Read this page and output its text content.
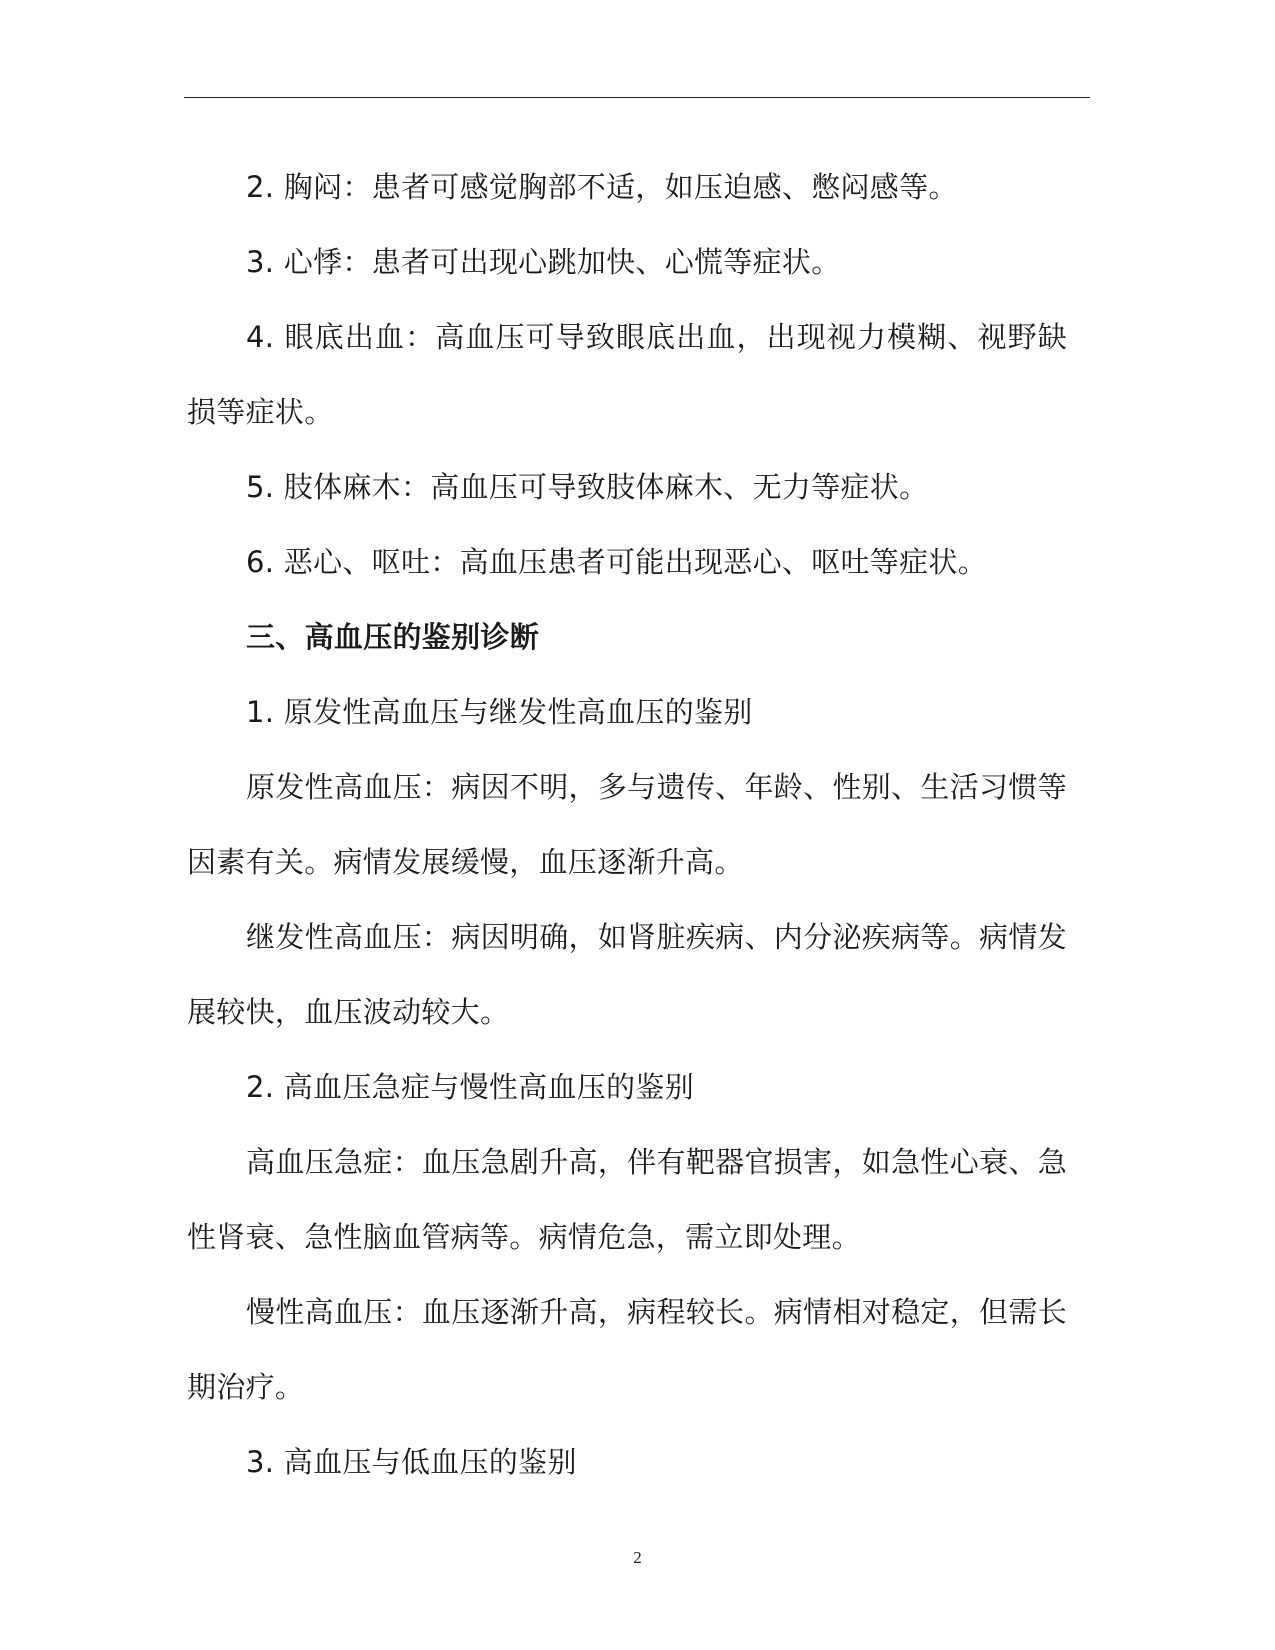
2. 胸闷：患者可感觉胸部不适，如压迫感、憋闷感等。

3. 心悸：患者可出现心跳加快、心慌等症状。

4. 眼底出血：高血压可导致眼底出血，出现视力模糊、视野缺损等症状。

5. 肢体麻木：高血压可导致肢体麻木、无力等症状。

6. 恶心、呕吐：高血压患者可能出现恶心、呕吐等症状。

三、高血压的鉴别诊断

1. 原发性高血压与继发性高血压的鉴别

原发性高血压：病因不明，多与遗传、年龄、性别、生活习惯等因素有关。病情发展缓慢，血压逐渐升高。

继发性高血压：病因明确，如肾脏疾病、内分泌疾病等。病情发展较快，血压波动较大。

2. 高血压急症与慢性高血压的鉴别

高血压急症：血压急剧升高，伴有靶器官损害，如急性心衰、急性肾衰、急性脑血管病等。病情危急，需立即处理。

慢性高血压：血压逐渐升高，病程较长。病情相对稳定，但需长期治疗。

3. 高血压与低血压的鉴别

2
